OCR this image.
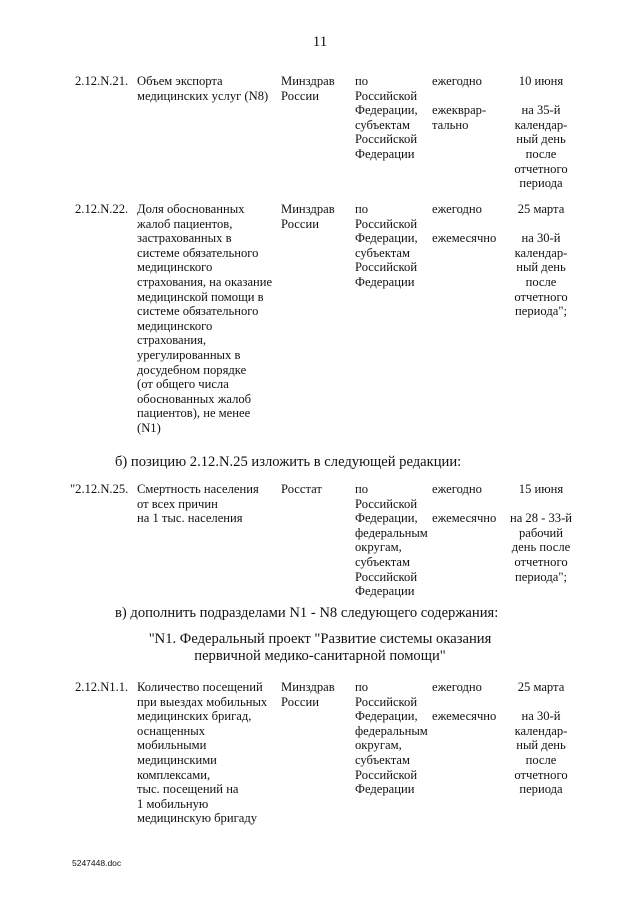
11
2.12.N.21. Объем экспорта
медицинских услуг (N8)
Минздрав
России
по
Российской
Федерации,
субъектам
Российской
Федерации
ежегодно
ежекврар-
тально
10 июня
на 35-й
календар-
ный день
после
отчетного
периода
2.12.N.22. Доля обоснованных
жалоб пациентов,
застрахованных в
системе обязательного
медицинского
страхования, на оказание
медицинской помощи в
системе обязательного
медицинского
страхования,
урегулированных в
досудебном порядке
(от общего числа
обоснованных жалоб
пациентов), не менее
(N1)
Минздрав
России
по
Российской
Федерации,
субъектам
Российской
Федерации
ежегодно
ежемесячно
25 марта
на 30-й
календар-
ный день
после
отчетного
периода";
б) позицию 2.12.N.25 изложить в следующей редакции:
"2.12.N.25. Смертность населения
от всех причин
на 1 тыс. населения
Росстат	по
Российской
Федерации,
федеральным
округам,
субъектам
Российской
Федерации
ежегодно
ежемесячно
15 июня
на 28 - 33-й
рабочий
день после
отчетного
периода";
в) дополнить подразделами N1 - N8 следующего содержания:
"N1. Федеральный проект "Развитие системы оказания
первичной медико-санитарной помощи"
2.12.N1.1. Количество посещений
при выездах мобильных
медицинских бригад,
оснащенных
мобильными
медицинскими
комплексами,
тыс. посещений на
1 мобильную
медицинскую бригаду
Минздрав
России
по
Российской
Федерации,
федеральным
округам,
субъектам
Российской
Федерации
ежегодно
ежемесячно
25 марта
на 30-й
календар-
ный день
после
отчетного
периода
5247448.doc
